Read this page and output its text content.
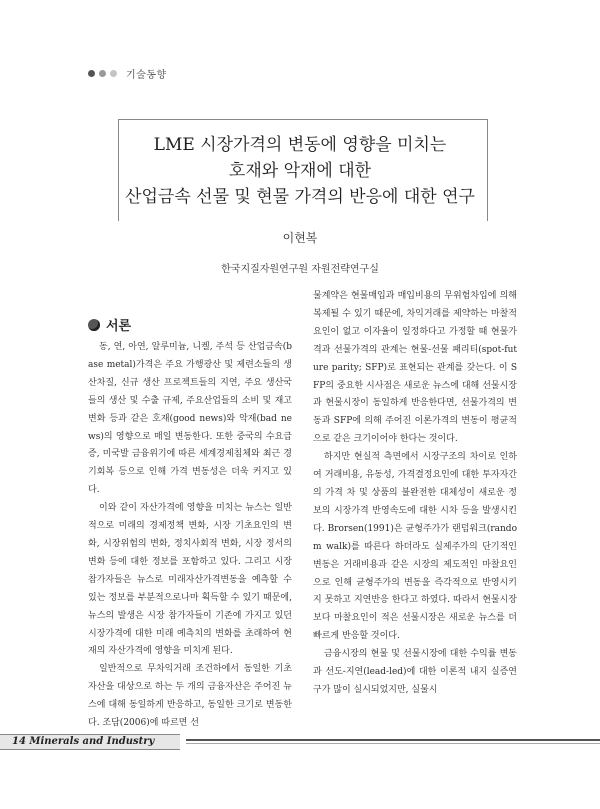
기술동향
LME 시장가격의 변동에 영향을 미치는
호재와 악재에 대한
산업금속 선물 및 현물 가격의 반응에 대한 연구
이현복
한국지질자원연구원 자원전략연구실
서론

동, 연, 아연, 알루미늄, 니켈, 주석 등 산업금속(base metal)가격은 주요 가행광산 및 제련소들의 생산차질, 신규 생산 프로젝트들의 지연, 주요 생산국들의 생산 및 수출 규제, 주요산업들의 소비 및 재고변화 등과 같은 호재(good news)와 악재(bad news)의 영향으로 매일 변동한다. 또한 중국의 수요급증, 미국발 금융위기에 따른 세계경제침체와 최근 경기회복 등으로 인해 가격 변동성은 더욱 커지고 있다.

이와 같이 자산가격에 영향을 미치는 뉴스는 일반적으로 미래의 경제정책 변화, 시장 기초요인의 변화, 시장위험의 변화, 정치사회적 변화, 시장 정서의 변화 등에 대한 정보를 포함하고 있다. 그리고 시장참가자들은 뉴스로 미래자산가격변동을 예측할 수 있는 정보를 부분적으로나마 획득할 수 있기 때문에, 뉴스의 발생은 시장 참가자들이 기존에 가지고 있던 시장가격에 대한 미래 예측치의 변화를 초래하여 현재의 자산가격에 영향을 미치게 된다.

일반적으로 무차익거래 조건하에서 동일한 기초자산을 대상으로 하는 두 개의 금융자산은 주어진 뉴스에 대해 동일하게 반응하고, 동일한 크기로 변동한다. 조담(2006)에 따르면 선

물계약은 현물매입과 매입비용의 무위험차입에 의해 복제될 수 있기 때문에, 차익거래를 제약하는 마찰적 요인이 없고 이자율이 일정하다고 가정할 때 현물가격과 선물가격의 관계는 현물-선물 패리티(spot-future parity; SFP)로 표현되는 관계를 갖는다. 이 SFP의 중요한 시사점은 새로운 뉴스에 대해 선물시장과 현물시장이 동일하게 반응한다면, 선물가격의 변동과 SFP에 의해 주어진 이론가격의 변동이 평균적으로 같은 크기이어야 한다는 것이다.

하지만 현실적 측면에서 시장구조의 차이로 인하여 거래비용, 유동성, 가격결정요인에 대한 투자자간의 가격 차 및 상품의 불완전한 대체성이 새로운 정보의 시장가격 반영속도에 대한 시차 등을 발생시킨다. Brorsen(1991)은 균형주가가 랜덤워크(random walk)를 따른다 하더라도 실제주가의 단기적인 변동은 거래비용과 같은 시장의 제도적인 마찰요인으로 인해 균형주가의 변동을 즉각적으로 반영시키지 못하고 지연반응 한다고 하였다. 따라서 현물시장보다 마찰요인이 적은 선물시장은 새로운 뉴스를 더 빠르게 반응할 것이다.

금융시장의 현물 및 선물시장에 대한 수익률 변동과 선도-지연(lead-led)에 대한 이론적 내지 실증연구가 많이 실시되었지만, 실물시

14 Minerals and Industry
